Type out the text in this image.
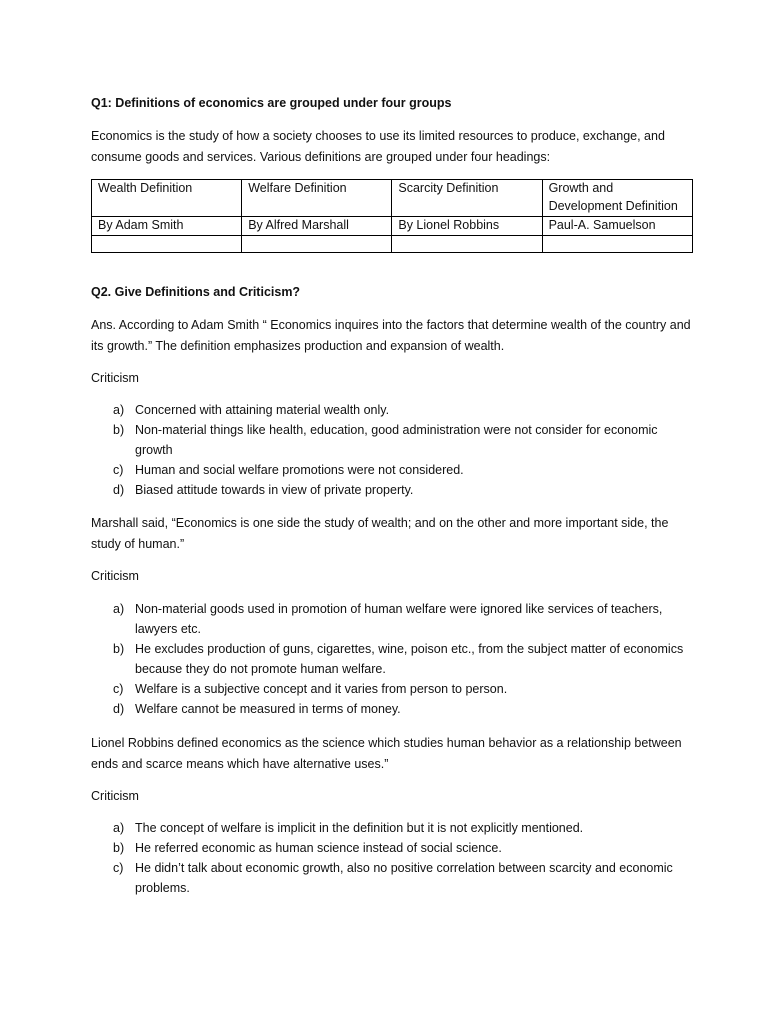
Q1: Definitions of economics are grouped under four groups

Economics is the study of how a society chooses to use its limited resources to produce, exchange, and consume goods and services. Various definitions are grouped under four headings:

Wealth Definition	Welfare Definition	Scarcity Definition	Growth and Development Definition
By Adam Smith	By Alfred Marshall	By Lionel Robbins	Paul-A. Samuelson

Q2. Give Definitions and Criticism?

Ans. According to Adam Smith “ Economics inquires into the factors that determine wealth of the country and its growth.” The definition emphasizes production and expansion of wealth.

Criticism

a) Concerned with attaining material wealth only.
b) Non-material things like health, education, good administration were not consider for economic growth
c) Human and social welfare promotions were not considered.
d) Biased attitude towards in view of private property.

Marshall said, “Economics is one side the study of wealth; and on the other and more important side, the study of human.”

Criticism

a) Non-material goods used in promotion of human welfare were ignored like services of teachers, lawyers etc.
b) He excludes production of guns, cigarettes, wine, poison etc., from the subject matter of economics because they do not promote human welfare.
c) Welfare is a subjective concept and it varies from person to person.
d) Welfare cannot be measured in terms of money.

Lionel Robbins defined economics as the science which studies human behavior as a relationship between ends and scarce means which have alternative uses.”

Criticism

a) The concept of welfare is implicit in the definition but it is not explicitly mentioned.
b) He referred economic as human science instead of social science.
c) He didn’t talk about economic growth, also no positive correlation between scarcity and economic problems.
